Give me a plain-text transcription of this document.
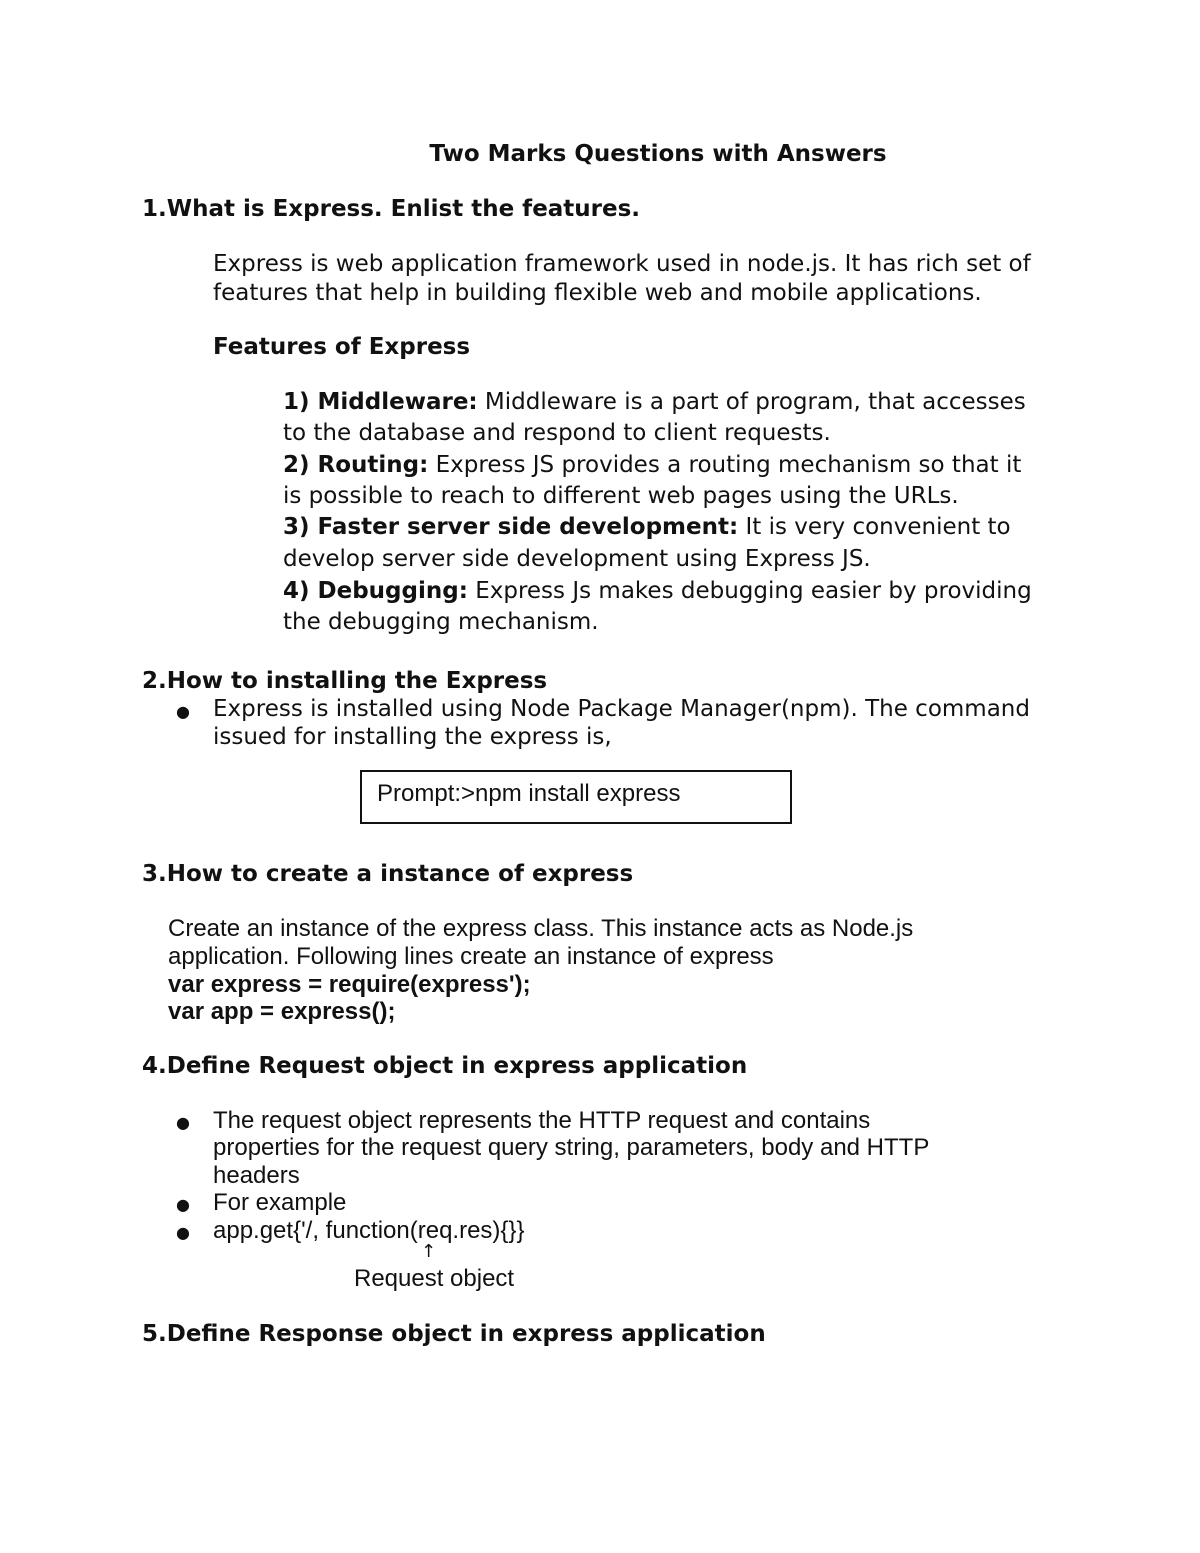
Two Marks Questions with Answers
1.What is Express. Enlist the features.
Express is web application framework used in node.js. It has rich set of
features that help in building flexible web and mobile applications.
Features of Express
1) Middleware: Middleware is a part of program, that accesses
to the database and respond to client requests.
2) Routing: Express JS provides a routing mechanism so that it
is possible to reach to different web pages using the URLs.
3) Faster server side development: It is very convenient to
develop server side development using Express JS.
4) Debugging: Express Js makes debugging easier by providing
the debugging mechanism.
2.How to installing the Express
● Express is installed using Node Package Manager(npm). The command
issued for installing the express is,
Prompt:>npm install express
3.How to create a instance of express
Create an instance of the express class. This instance acts as Node.js
application. Following lines create an instance of express
var express = require(express');
var app = express();
4.Define Request object in express application
● The request object represents the HTTP request and contains
properties for the request query string, parameters, body and HTTP
headers
● For example
● app.get{'/, function(req.res){}}
↑
Request object
5.Define Response object in express application
